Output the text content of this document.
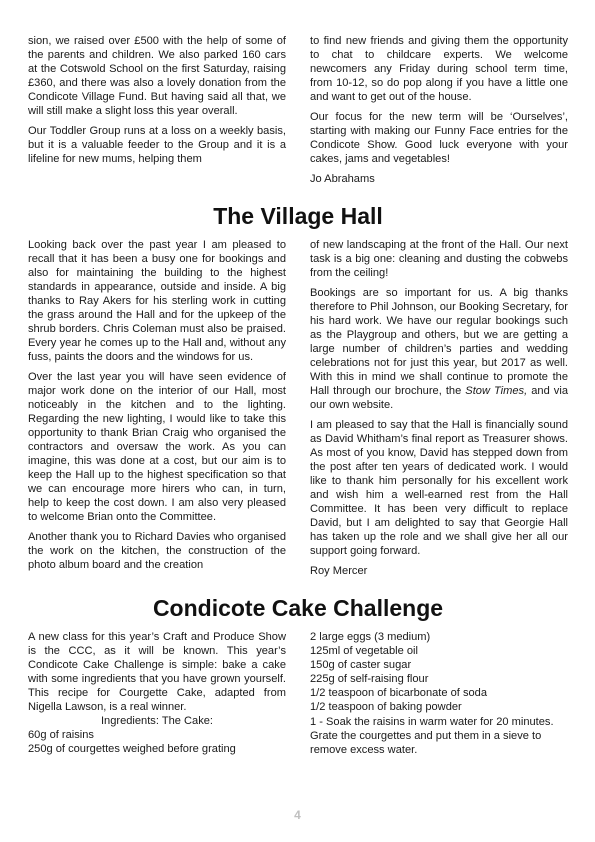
sion, we raised over £500 with the help of some of the parents and children. We also parked 160 cars at the Cotswold School on the first Saturday, raising £360, and there was also a lovely donation from the Condicote Village Fund. But having said all that, we will still make a slight loss this year overall.

Our Toddler Group runs at a loss on a weekly basis, but it is a valuable feeder to the Group and it is a lifeline for new mums, helping them

to find new friends and giving them the opportunity to chat to childcare experts. We welcome newcomers any Friday during school term time, from 10-12, so do pop along if you have a little one and want to get out of the house.

Our focus for the new term will be ‘Ourselves’, starting with making our Funny Face entries for the Condicote Show. Good luck everyone with your cakes, jams and vegetables!

Jo Abrahams

The Village Hall

Looking back over the past year I am pleased to recall that it has been a busy one for bookings and also for maintaining the building to the highest standards in appearance, outside and inside. A big thanks to Ray Akers for his sterling work in cutting the grass around the Hall and for the upkeep of the shrub borders. Chris Coleman must also be praised. Every year he comes up to the Hall and, without any fuss, paints the doors and the windows for us.

Over the last year you will have seen evidence of major work done on the interior of our Hall, most noticeably in the kitchen and to the lighting. Regarding the new lighting, I would like to take this opportunity to thank Brian Craig who organised the contractors and oversaw the work. As you can imagine, this was done at a cost, but our aim is to keep the Hall up to the highest specification so that we can encourage more hirers who can, in turn, help to keep the cost down. I am also very pleased to welcome Brian onto the Committee.

Another thank you to Richard Davies who organised the work on the kitchen, the construction of the photo album board and the creation

of new landscaping at the front of the Hall. Our next task is a big one: cleaning and dusting the cobwebs from the ceiling!

Bookings are so important for us. A big thanks therefore to Phil Johnson, our Booking Secretary, for his hard work. We have our regular bookings such as the Playgroup and others, but we are getting a large number of children’s parties and wedding celebrations not for just this year, but 2017 as well. With this in mind we shall continue to promote the Hall through our brochure, the Stow Times, and via our own website.

I am pleased to say that the Hall is financially sound as David Whitham’s final report as Treasurer shows. As most of you know, David has stepped down from the post after ten years of dedicated work. I would like to thank him personally for his excellent work and wish him a well-earned rest from the Hall Committee. It has been very difficult to replace David, but I am delighted to say that Georgie Hall has taken up the role and we shall give her all our support going forward.

Roy Mercer

Condicote Cake Challenge

A new class for this year’s Craft and Produce Show is the CCC, as it will be known. This year’s Condicote Cake Challenge is simple: bake a cake with some ingredients that you have grown yourself. This recipe for Courgette Cake, adapted from Nigella Lawson, is a real winner.

Ingredients: The Cake:
60g of raisins
250g of courgettes weighed before grating
2 large eggs (3 medium)
125ml of vegetable oil
150g of caster sugar
225g of self-raising flour
1/2 teaspoon of bicarbonate of soda
1/2 teaspoon of baking powder

1 - Soak the raisins in warm water for 20 minutes. Grate the courgettes and put them in a sieve to remove excess water.

4
